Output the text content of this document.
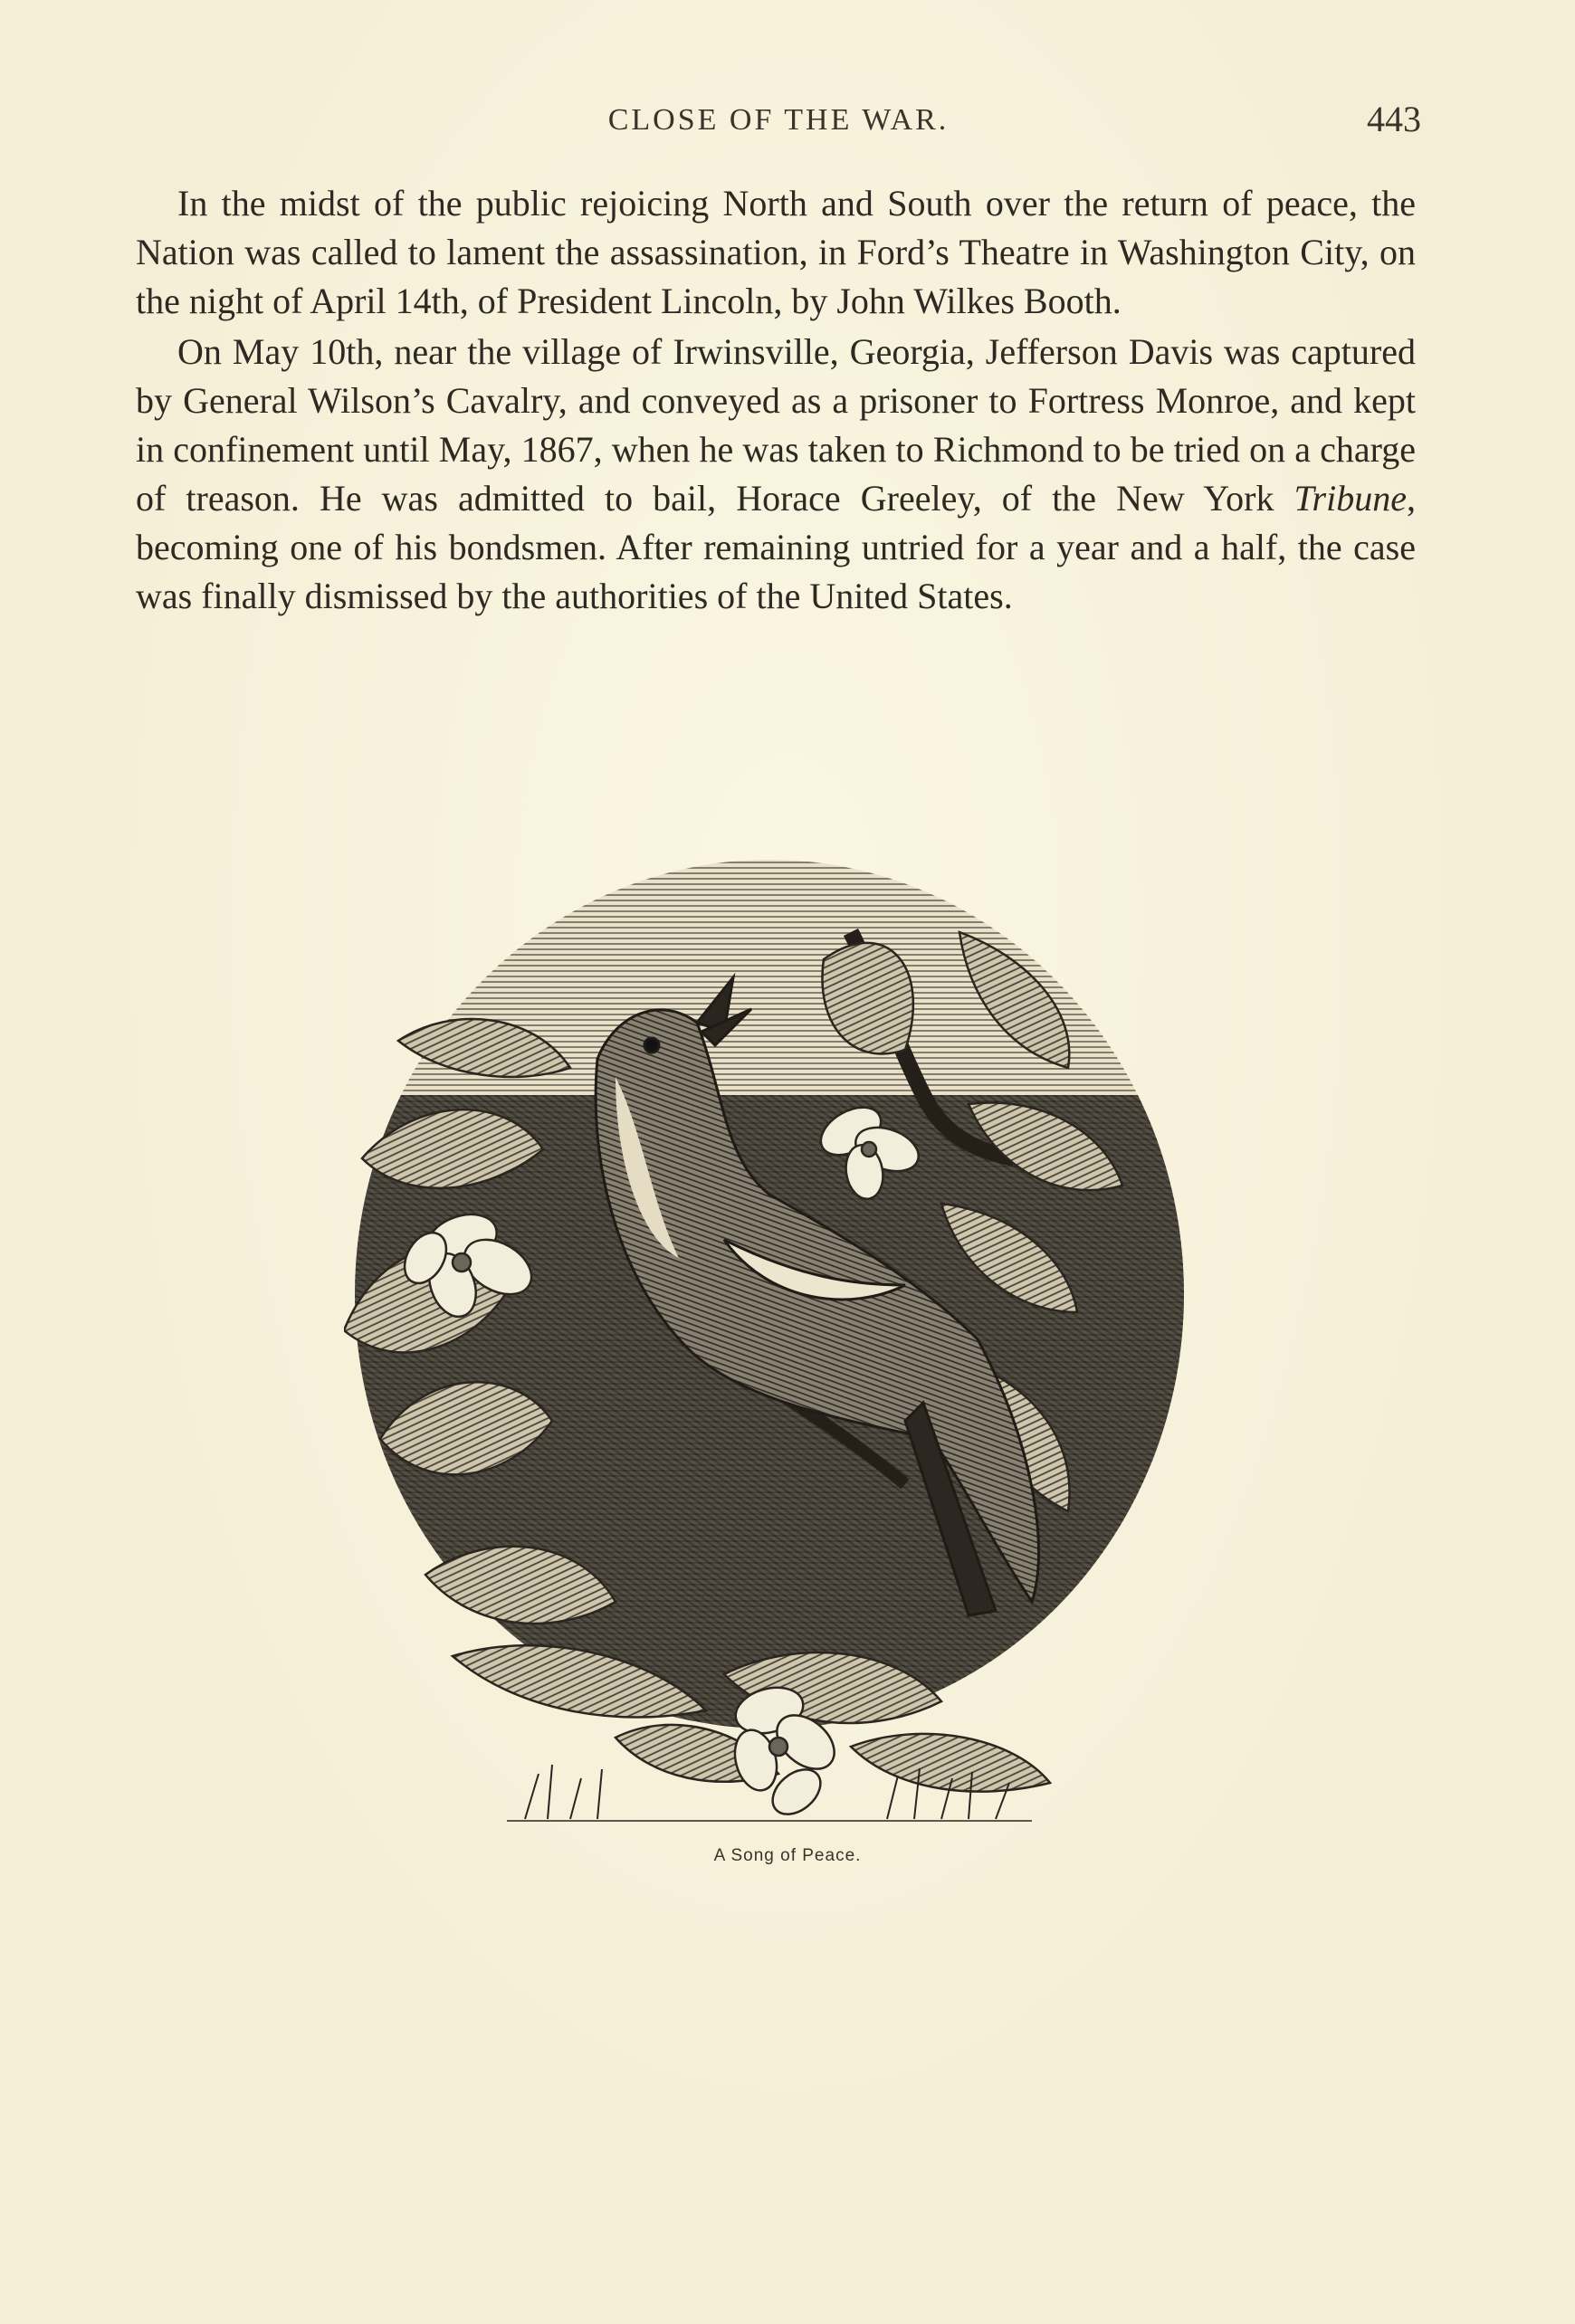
CLOSE OF THE WAR.	443

In the midst of the public rejoicing North and South over the return of peace, the Nation was called to lament the assassination, in Ford’s Theatre in Washington City, on the night of April 14th, of President Lincoln, by John Wilkes Booth.

On May 10th, near the village of Irwinsville, Georgia, Jefferson Davis was captured by General Wilson’s Cavalry, and conveyed as a prisoner to Fortress Monroe, and kept in confinement until May, 1867, when he was taken to Richmond to be tried on a charge of treason. He was admitted to bail, Horace Greeley, of the New York Tribune, becoming one of his bondsmen. After remaining untried for a year and a half, the case was finally dismissed by the authorities of the United States.

A Song of Peace.
